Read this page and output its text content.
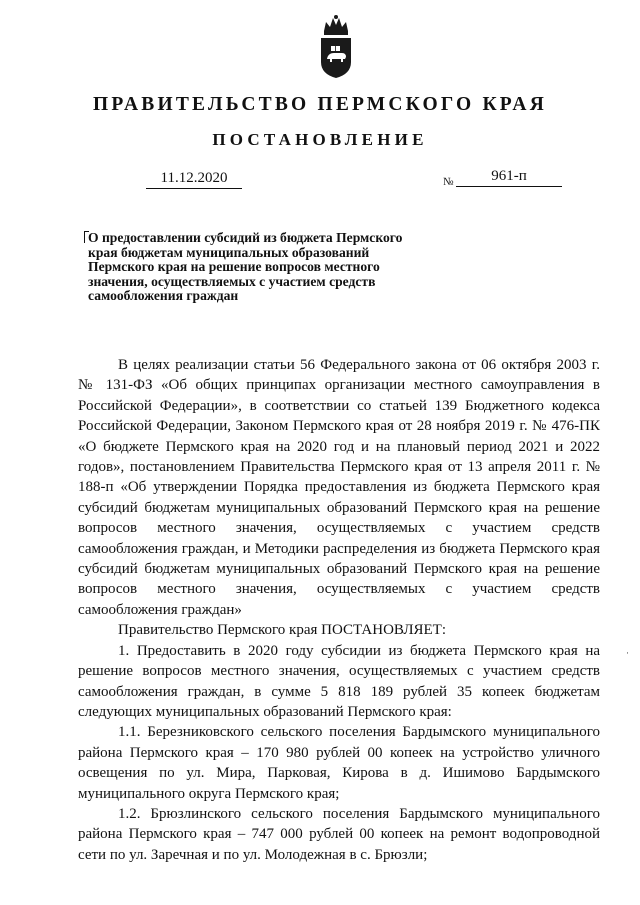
ПРАВИТЕЛЬСТВО ПЕРМСКОГО КРАЯ
ПОСТАНОВЛЕНИЕ
11.12.2020	№	961-п
О предоставлении субсидий из бюджета Пермского края бюджетам муниципальных образований Пермского края на решение вопросов местного значения, осуществляемых с участием средств самообложения граждан

В целях реализации статьи 56 Федерального закона от 06 октября 2003 г. № 131-ФЗ «Об общих принципах организации местного самоуправления в Российской Федерации», в соответствии со статьей 139 Бюджетного кодекса Российской Федерации, Законом Пермского края от 28 ноября 2019 г. № 476-ПК «О бюджете Пермского края на 2020 год и на плановый период 2021 и 2022 годов», постановлением Правительства Пермского края от 13 апреля 2011 г. № 188-п «Об утверждении Порядка предоставления из бюджета Пермского края субсидий бюджетам муниципальных образований Пермского края на решение вопросов местного значения, осуществляемых с участием средств самообложения граждан, и Методики распределения из бюджета Пермского края субсидий бюджетам муниципальных образований Пермского края на решение вопросов местного значения, осуществляемых с участием средств самообложения граждан»

Правительство Пермского края ПОСТАНОВЛЯЕТ:

1. Предоставить в 2020 году субсидии из бюджета Пермского края на решение вопросов местного значения, осуществляемых с участием средств самообложения граждан, в сумме 5 818 189 рублей 35 копеек бюджетам следующих муниципальных образований Пермского края:

1.1. Березниковского сельского поселения Бардымского муниципального района Пермского края – 170 980 рублей 00 копеек на устройство уличного освещения по ул. Мира, Парковая, Кирова в д. Ишимово Бардымского муниципального округа Пермского края;

1.2. Брюзлинского сельского поселения Бардымского муниципального района Пермского края – 747 000 рублей 00 копеек на ремонт водопроводной сети по ул. Заречная и по ул. Молодежная в с. Брюзли;

·
